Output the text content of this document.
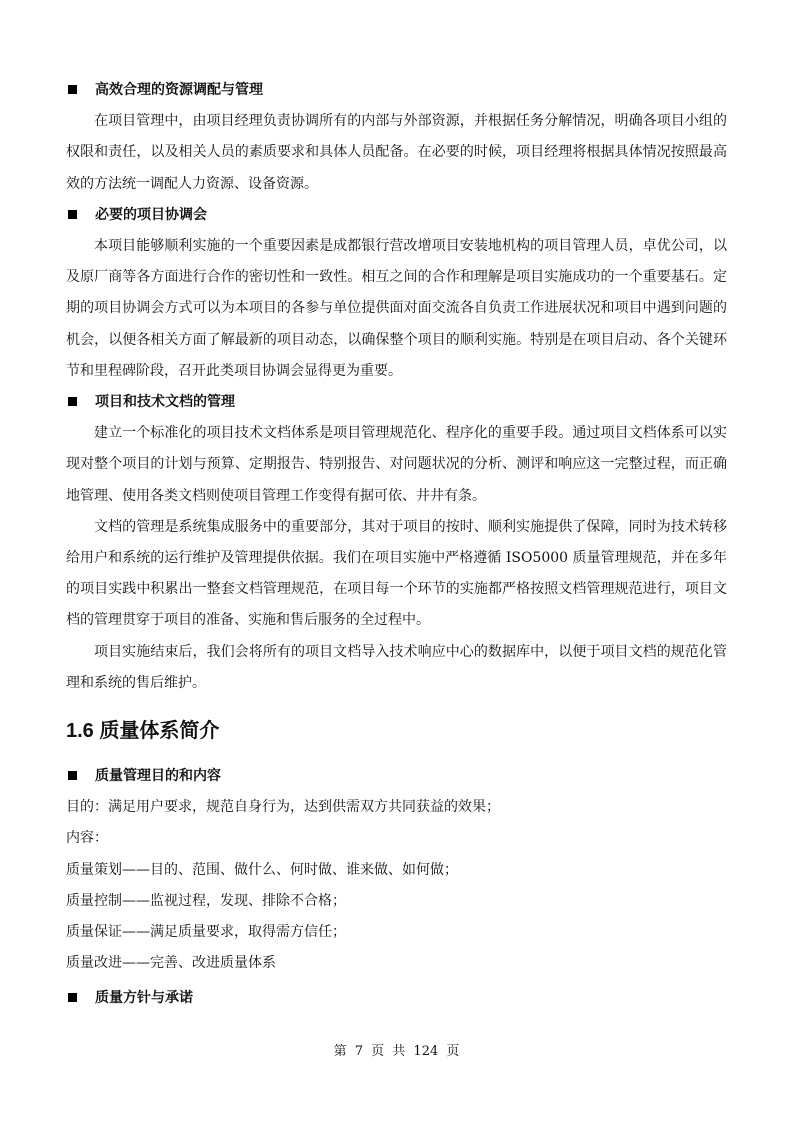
高效合理的资源调配与管理

在项目管理中，由项目经理负责协调所有的内部与外部资源，并根据任务分解情况，明确各项目小组的权限和责任，以及相关人员的素质要求和具体人员配备。在必要的时候，项目经理将根据具体情况按照最高效的方法统一调配人力资源、设备资源。

必要的项目协调会

本项目能够顺利实施的一个重要因素是成都银行营改增项目安装地机构的项目管理人员，卓优公司，以及原厂商等各方面进行合作的密切性和一致性。相互之间的合作和理解是项目实施成功的一个重要基石。定期的项目协调会方式可以为本项目的各参与单位提供面对面交流各自负责工作进展状况和项目中遇到问题的机会，以便各相关方面了解最新的项目动态，以确保整个项目的顺利实施。特别是在项目启动、各个关键环节和里程碑阶段，召开此类项目协调会显得更为重要。

项目和技术文档的管理

建立一个标准化的项目技术文档体系是项目管理规范化、程序化的重要手段。通过项目文档体系可以实现对整个项目的计划与预算、定期报告、特别报告、对问题状况的分析、测评和响应这一完整过程，而正确地管理、使用各类文档则使项目管理工作变得有据可依、井井有条。

文档的管理是系统集成服务中的重要部分，其对于项目的按时、顺利实施提供了保障，同时为技术转移给用户和系统的运行维护及管理提供依据。我们在项目实施中严格遵循 ISO5000 质量管理规范，并在多年的项目实践中积累出一整套文档管理规范，在项目每一个环节的实施都严格按照文档管理规范进行，项目文档的管理贯穿于项目的准备、实施和售后服务的全过程中。

项目实施结束后，我们会将所有的项目文档导入技术响应中心的数据库中，以便于项目文档的规范化管理和系统的售后维护。

1.6 质量体系简介

质量管理目的和内容

目的：满足用户要求，规范自身行为，达到供需双方共同获益的效果；

内容：

质量策划——目的、范围、做什么、何时做、谁来做、如何做；

质量控制——监视过程，发现、排除不合格；

质量保证——满足质量要求，取得需方信任；

质量改进——完善、改进质量体系

质量方针与承诺

第 7 页 共 124 页
